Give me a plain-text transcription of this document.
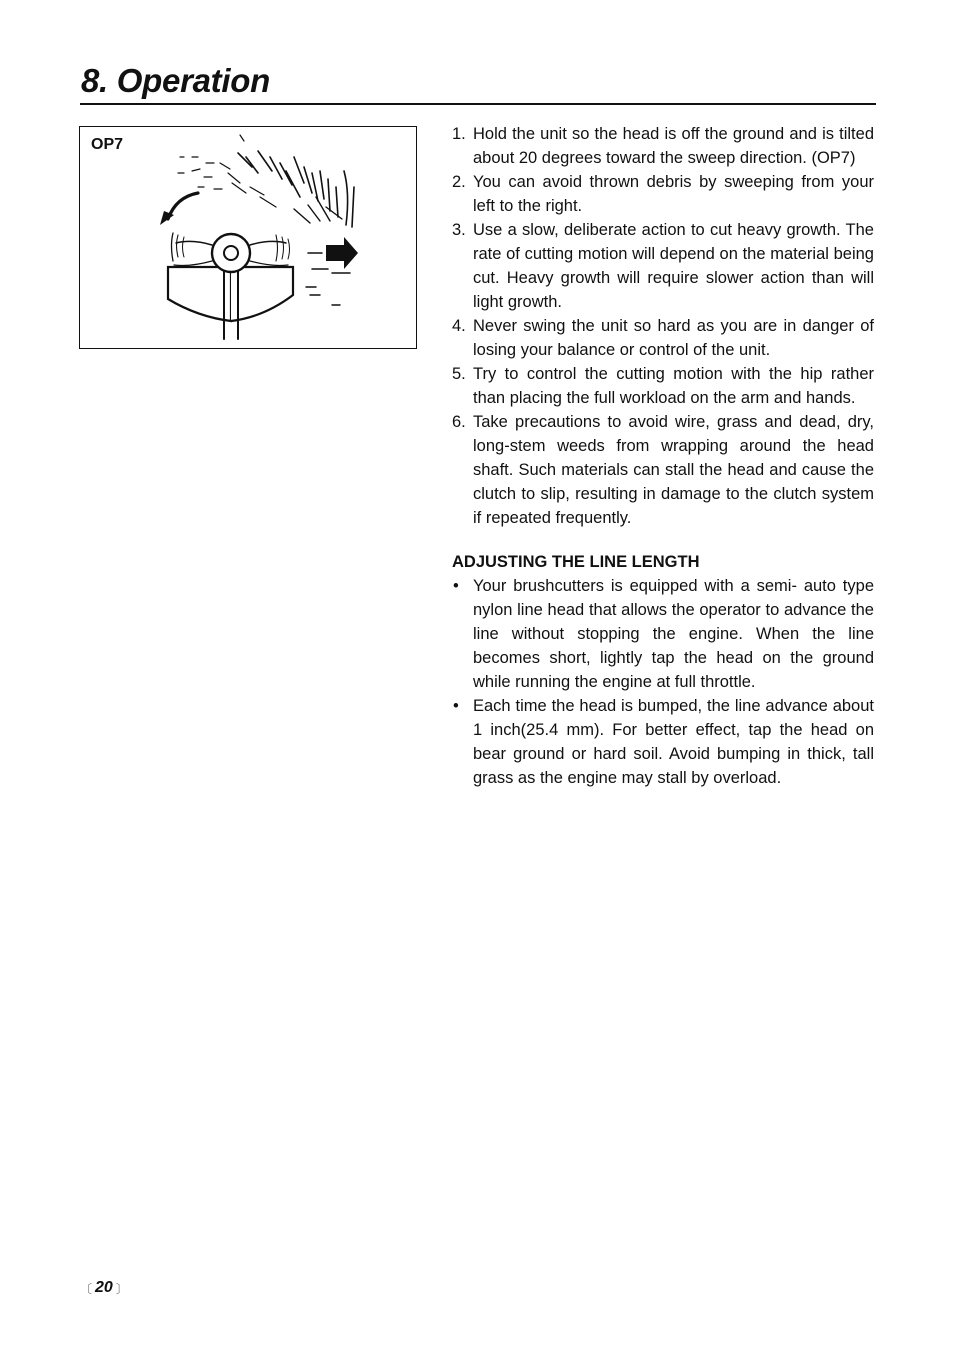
8. Operation
OP7
1. Hold the unit so the head is off the ground and is tilted about 20 degrees toward the sweep direction. (OP7)
2. You can avoid thrown debris by sweeping from your left to the right.
3. Use a slow, deliberate action to cut heavy growth. The rate of cutting motion will depend on the material being cut. Heavy growth will require slower action than will light growth.
4. Never swing the unit so hard as you are in danger of losing your balance or control of the unit.
5. Try to control the cutting motion with the hip rather than placing the full workload on the arm and hands.
6. Take precautions to avoid wire, grass and dead, dry, long-stem weeds from wrapping around the head shaft. Such materials can stall the head and cause the clutch to slip, resulting in damage to the clutch system if repeated frequently.
ADJUSTING THE LINE LENGTH
• Your brushcutters is equipped with a semi- auto type nylon line head that allows the operator to advance the line without stopping the engine. When the line becomes short, lightly tap the head on the ground while running the engine at full throttle.
• Each time the head is bumped, the line advance about 1 inch(25.4 mm). For better effect, tap the head on bear ground or hard soil. Avoid bumping in thick, tall grass as the engine may stall by overload.
〔 20 〕
